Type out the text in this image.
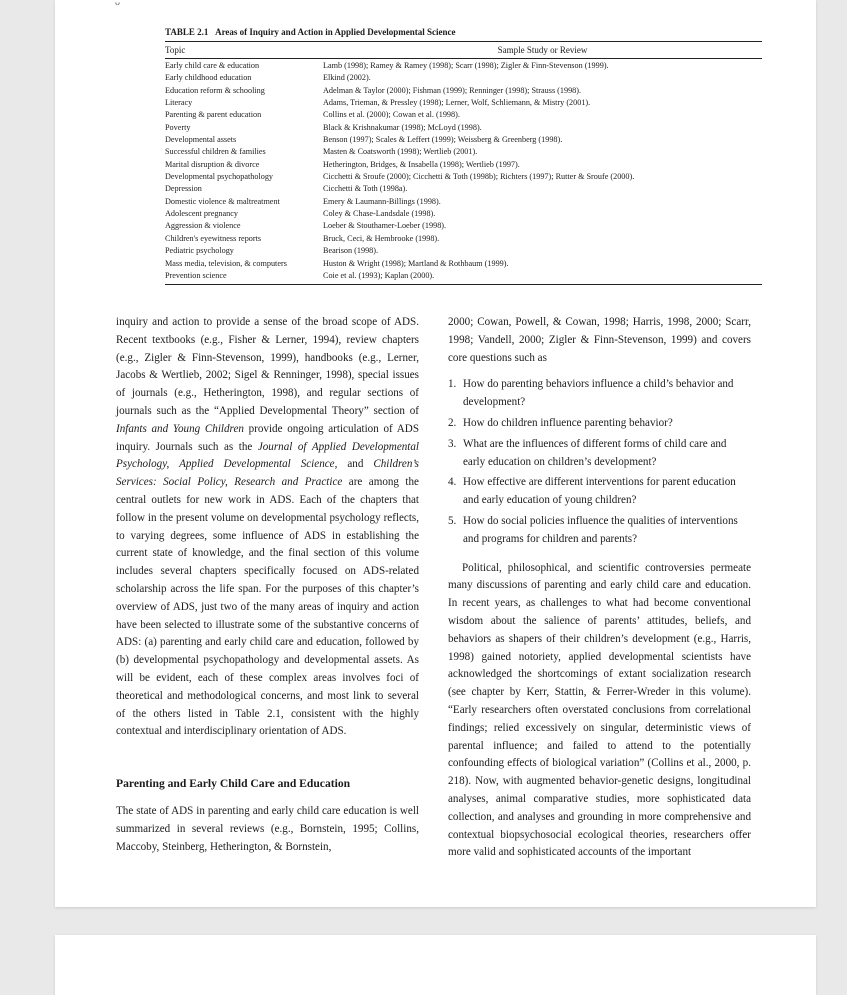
ᴗ
TABLE 2.1 Areas of Inquiry and Action in Applied Developmental Science
Topic	Sample Study or Review
Early child care & education	Lamb (1998); Ramey & Ramey (1998); Scarr (1998); Zigler & Finn-Stevenson (1999).
Early childhood education	Elkind (2002).
Education reform & schooling	Adelman & Taylor (2000); Fishman (1999); Renninger (1998); Strauss (1998).
Literacy	Adams, Trieman, & Pressley (1998); Lerner, Wolf, Schliemann, & Mistry (2001).
Parenting & parent education	Collins et al. (2000); Cowan et al. (1998).
Poverty	Black & Krishnakumar (1998); McLoyd (1998).
Developmental assets	Benson (1997); Scales & Leffert (1999); Weissberg & Greenberg (1998).
Successful children & families	Masten & Coatsworth (1998); Wertlieb (2001).
Marital disruption & divorce	Hetherington, Bridges, & Insabella (1998); Wertlieb (1997).
Developmental psychopathology	Cicchetti & Sroufe (2000); Cicchetti & Toth (1998b); Richters (1997); Rutter & Sroufe (2000).
Depression	Cicchetti & Toth (1998a).
Domestic violence & maltreatment	Emery & Laumann-Billings (1998).
Adolescent pregnancy	Coley & Chase-Landsdale (1998).
Aggression & violence	Loeber & Stouthamer-Loeber (1998).
Children's eyewitness reports	Bruck, Ceci, & Hembrooke (1998).
Pediatric psychology	Bearison (1998).
Mass media, television, & computers	Huston & Wright (1998); Martland & Rothbaum (1999).
Prevention science	Coie et al. (1993); Kaplan (2000).

inquiry and action to provide a sense of the broad scope of ADS. Recent textbooks (e.g., Fisher & Lerner, 1994), review chapters (e.g., Zigler & Finn-Stevenson, 1999), handbooks (e.g., Lerner, Jacobs & Wertlieb, 2002; Sigel & Renninger, 1998), special issues of journals (e.g., Hetherington, 1998), and regular sections of journals such as the “Applied Developmental Theory” section of Infants and Young Children provide ongoing articulation of ADS inquiry. Journals such as the Journal of Applied Developmental Psychology, Applied Developmental Science, and Children’s Services: Social Policy, Research and Practice are among the central outlets for new work in ADS. Each of the chapters that follow in the present volume on developmental psychology reflects, to varying degrees, some influence of ADS in establishing the current state of knowledge, and the final section of this volume includes several chapters specifically focused on ADS-related scholarship across the life span. For the purposes of this chapter’s overview of ADS, just two of the many areas of inquiry and action have been selected to illustrate some of the substantive concerns of ADS: (a) parenting and early child care and education, followed by (b) developmental psychopathology and developmental assets. As will be evident, each of these complex areas involves foci of theoretical and methodological concerns, and most link to several of the others listed in Table 2.1, consistent with the highly contextual and interdisciplinary orientation of ADS.

Parenting and Early Child Care and Education

The state of ADS in parenting and early child care education is well summarized in several reviews (e.g., Bornstein, 1995; Collins, Maccoby, Steinberg, Hetherington, & Bornstein,

2000; Cowan, Powell, & Cowan, 1998; Harris, 1998, 2000; Scarr, 1998; Vandell, 2000; Zigler & Finn-Stevenson, 1999) and covers core questions such as

1. How do parenting behaviors influence a child’s behavior and development?
2. How do children influence parenting behavior?
3. What are the influences of different forms of child care and early education on children’s development?
4. How effective are different interventions for parent education and early education of young children?
5. How do social policies influence the qualities of interventions and programs for children and parents?

Political, philosophical, and scientific controversies permeate many discussions of parenting and early child care and education. In recent years, as challenges to what had become conventional wisdom about the salience of parents’ attitudes, beliefs, and behaviors as shapers of their children’s development (e.g., Harris, 1998) gained notoriety, applied developmental scientists have acknowledged the shortcomings of extant socialization research (see chapter by Kerr, Stattin, & Ferrer-Wreder in this volume). “Early researchers often overstated conclusions from correlational findings; relied excessively on singular, deterministic views of parental influence; and failed to attend to the potentially confounding effects of biological variation” (Collins et al., 2000, p. 218). Now, with augmented behavior-genetic designs, longitudinal analyses, animal comparative studies, more sophisticated data collection, and analyses and grounding in more comprehensive and contextual biopsychosocial ecological theories, researchers offer more valid and sophisticated accounts of the important
